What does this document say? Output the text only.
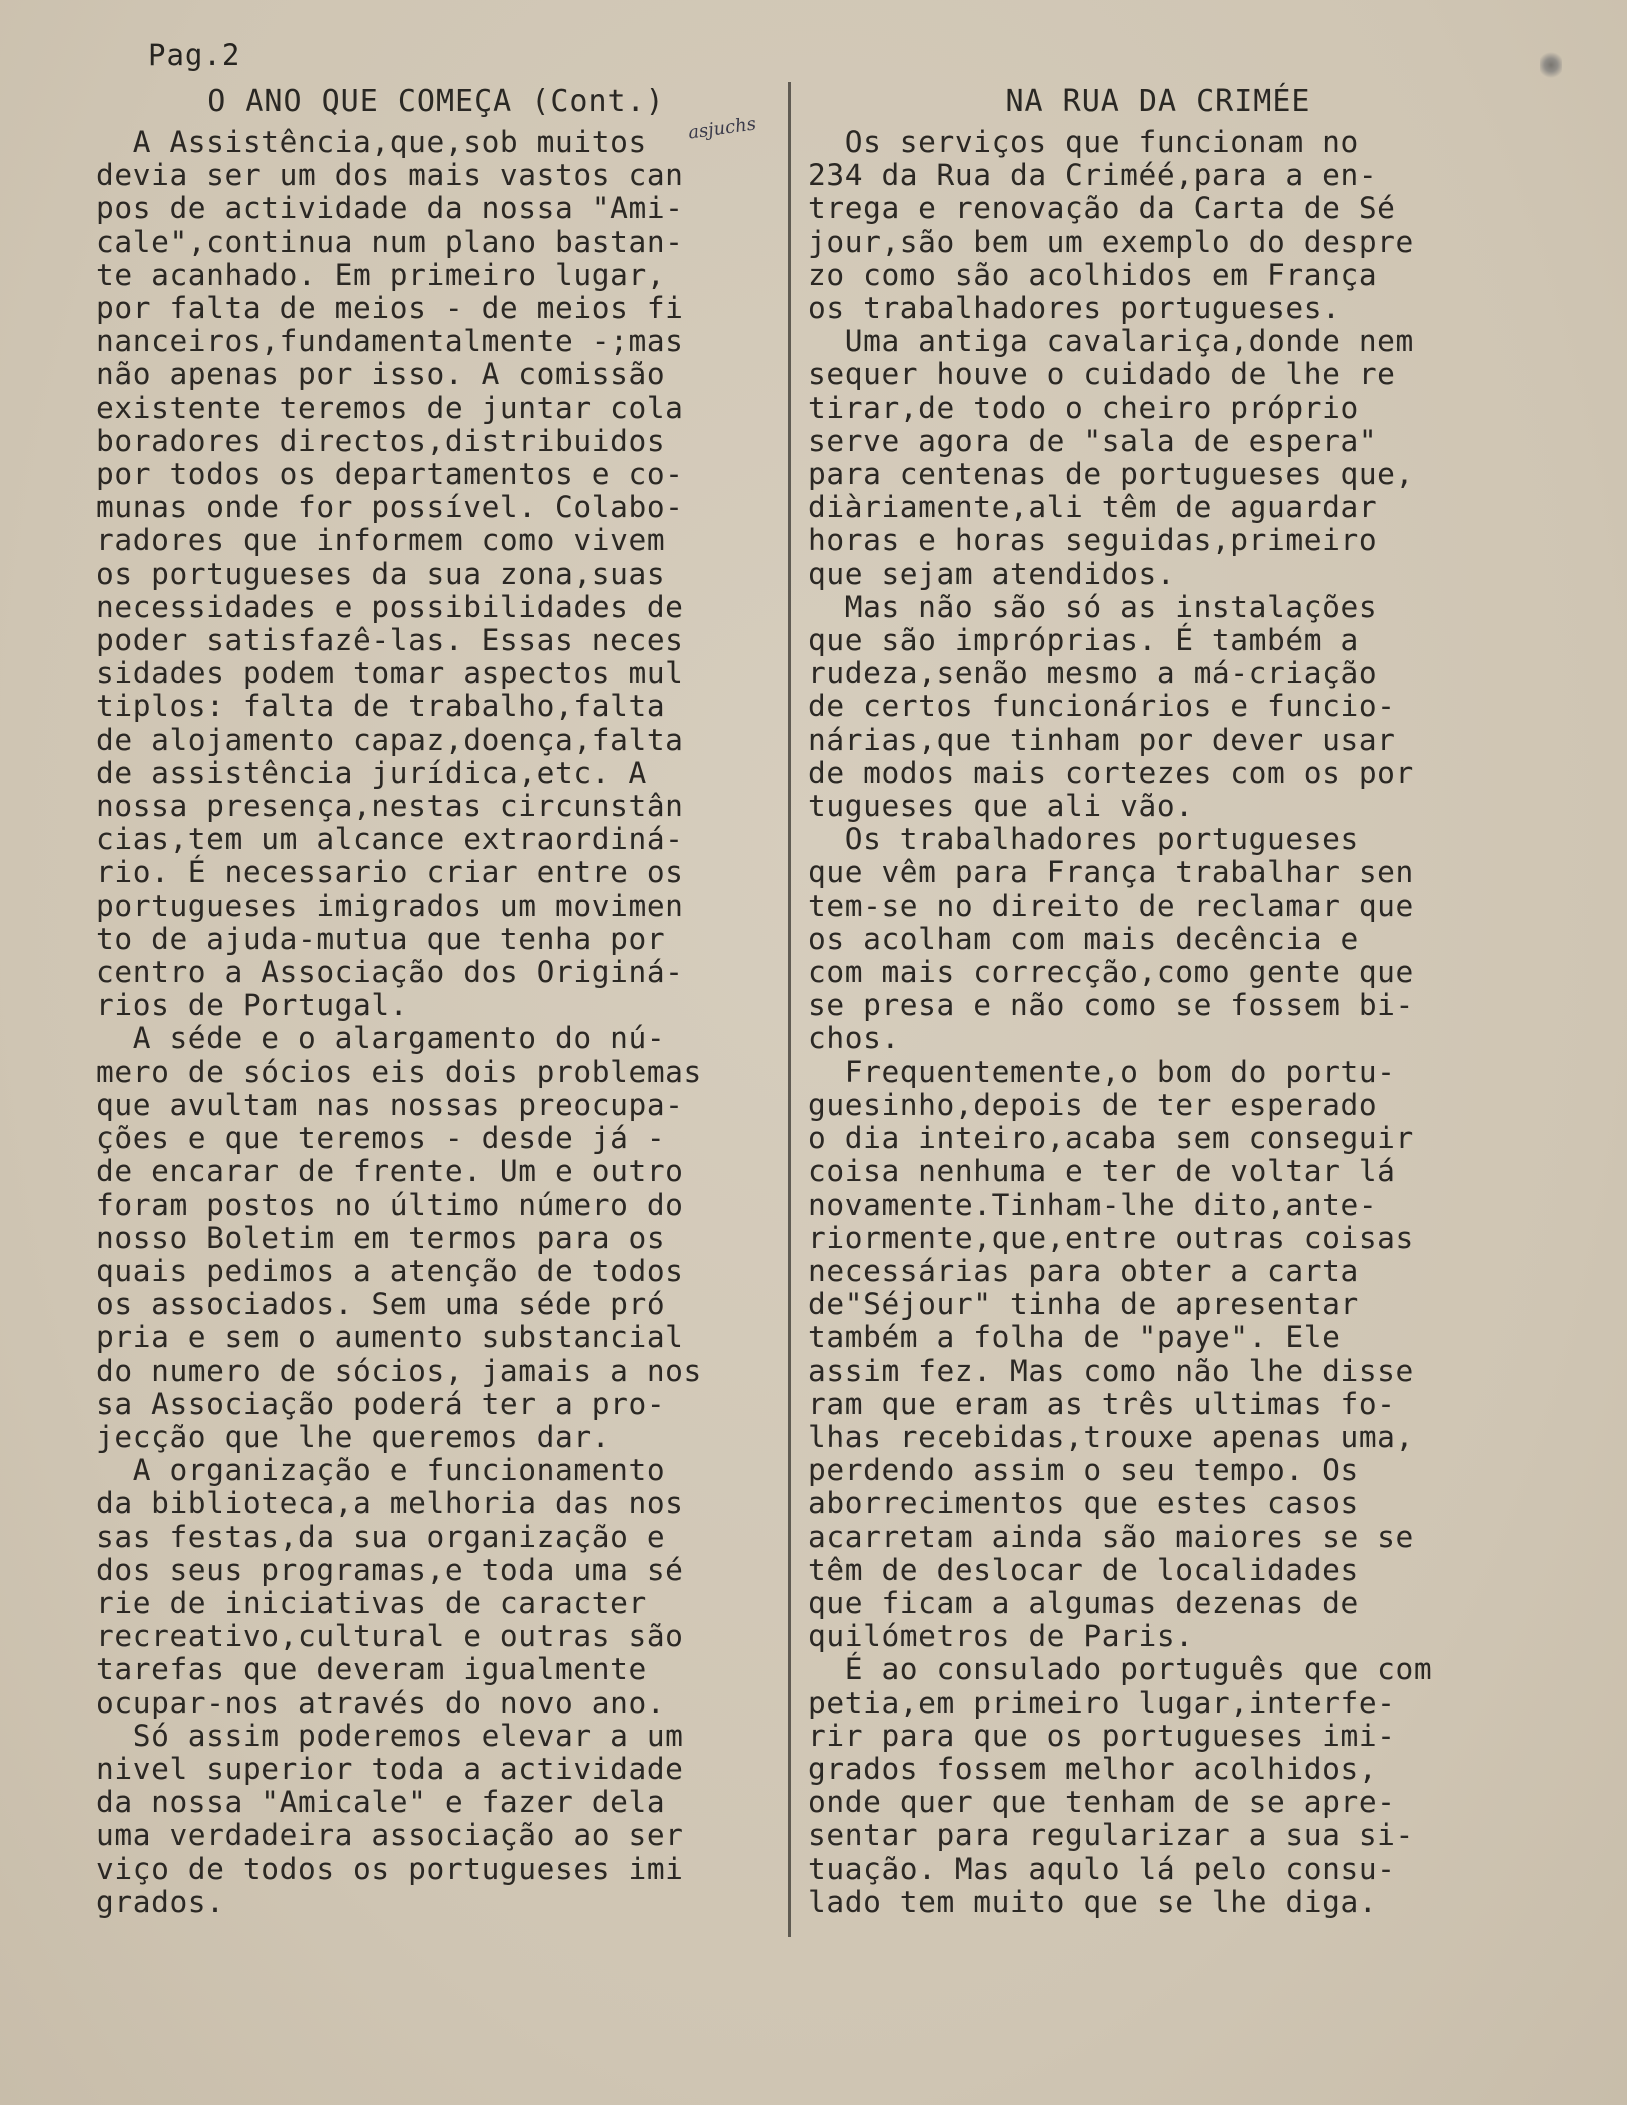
Pag.2
O ANO QUE COMEÇA (Cont.)
A Assistência,que,sob muitos
devia ser um dos mais vastos can
pos de actividade da nossa "Ami-
cale",continua num plano bastan-
te acanhado. Em primeiro lugar,
por falta de meios - de meios fi
nanceiros,fundamentalmente -;mas
não apenas por isso. A comissão
existente teremos de juntar cola
boradores directos,distribuidos
por todos os departamentos e co-
munas onde for possível. Colabo-
radores que informem como vivem
os portugueses da sua zona,suas
necessidades e possibilidades de
poder satisfazê-las. Essas neces
sidades podem tomar aspectos mul
tiplos: falta de trabalho,falta
de alojamento capaz,doença,falta
de assistência jurídica,etc. A
nossa presença,nestas circunstân
cias,tem um alcance extraordiná-
rio. É necessario criar entre os
portugueses imigrados um movimen
to de ajuda-mutua que tenha por
centro a Associação dos Originá-
rios de Portugal.
A séde e o alargamento do nú-
mero de sócios eis dois problemas
que avultam nas nossas preocupa-
ções e que teremos - desde já -
de encarar de frente. Um e outro
foram postos no último número do
nosso Boletim em termos para os
quais pedimos a atenção de todos
os associados. Sem uma séde pró
pria e sem o aumento substancial
do numero de sócios, jamais a nos
sa Associação poderá ter a pro-
jecção que lhe queremos dar.
A organização e funcionamento
da biblioteca,a melhoria das nos
sas festas,da sua organização e
dos seus programas,e toda uma sé
rie de iniciativas de caracter
recreativo,cultural e outras são
tarefas que deveram igualmente
ocupar-nos através do novo ano.
Só assim poderemos elevar a um
nivel superior toda a actividade
da nossa "Amicale" e fazer dela
uma verdadeira associação ao ser
viço de todos os portugueses imi
grados.
asjuchs
NA RUA DA CRIMÉE
Os serviços que funcionam no
234 da Rua da Criméé,para a en-
trega e renovação da Carta de Sé
jour,são bem um exemplo do despre
zo como são acolhidos em França
os trabalhadores portugueses.
Uma antiga cavalariça,donde nem
sequer houve o cuidado de lhe re
tirar,de todo o cheiro próprio
serve agora de "sala de espera"
para centenas de portugueses que,
diàriamente,ali têm de aguardar
horas e horas seguidas,primeiro
que sejam atendidos.
Mas não são só as instalações
que são impróprias. É também a
rudeza,senão mesmo a má-criação
de certos funcionários e funcio-
nárias,que tinham por dever usar
de modos mais cortezes com os por
tugueses que ali vão.
Os trabalhadores portugueses
que vêm para França trabalhar sen
tem-se no direito de reclamar que
os acolham com mais decência e
com mais correcção,como gente que
se presa e não como se fossem bi-
chos.
Frequentemente,o bom do portu-
guesinho,depois de ter esperado
o dia inteiro,acaba sem conseguir
coisa nenhuma e ter de voltar lá
novamente.Tinham-lhe dito,ante-
riormente,que,entre outras coisas
necessárias para obter a carta
de"Séjour" tinha de apresentar
também a folha de "paye". Ele
assim fez. Mas como não lhe disse
ram que eram as três ultimas fo-
lhas recebidas,trouxe apenas uma,
perdendo assim o seu tempo. Os
aborrecimentos que estes casos
acarretam ainda são maiores se se
têm de deslocar de localidades
que ficam a algumas dezenas de
quilómetros de Paris.
É ao consulado português que com
petia,em primeiro lugar,interfe-
rir para que os portugueses imi-
grados fossem melhor acolhidos,
onde quer que tenham de se apre-
sentar para regularizar a sua si-
tuação. Mas aqulo lá pelo consu-
lado tem muito que se lhe diga.
